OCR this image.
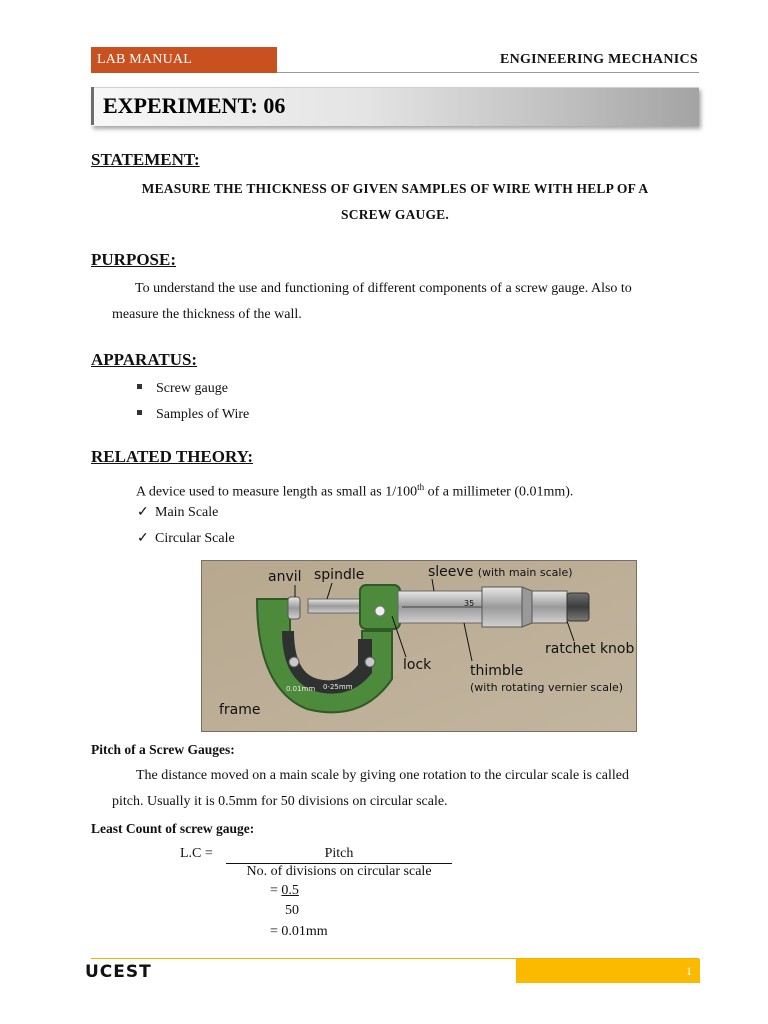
LAB MANUAL	ENGINEERING MECHANICS
EXPERIMENT: 06
STATEMENT:
MEASURE THE THICKNESS OF GIVEN SAMPLES OF WIRE WITH HELP OF A
SCREW GAUGE.
PURPOSE:
To understand the use and functioning of different components of a screw gauge. Also to
measure the thickness of the wall.
APPARATUS:
Screw gauge
Samples of Wire
RELATED THEORY:
A device used to measure length as small as 1/100th of a millimeter (0.01mm).
✓ Main Scale
✓ Circular Scale
anvil spindle	sleeve (with main scale)
35
ratchet knob
lock	thimble
(with rotating vernier scale)
frame
0.01mm 0-25mm
Pitch of a Screw Gauges:
The distance moved on a main scale by giving one rotation to the circular scale is called
pitch. Usually it is 0.5mm for 50 divisions on circular scale.
Least Count of screw gauge:
L.C =	Pitch
No. of divisions on circular scale
= 0.5
50
= 0.01mm
UCEST	1
